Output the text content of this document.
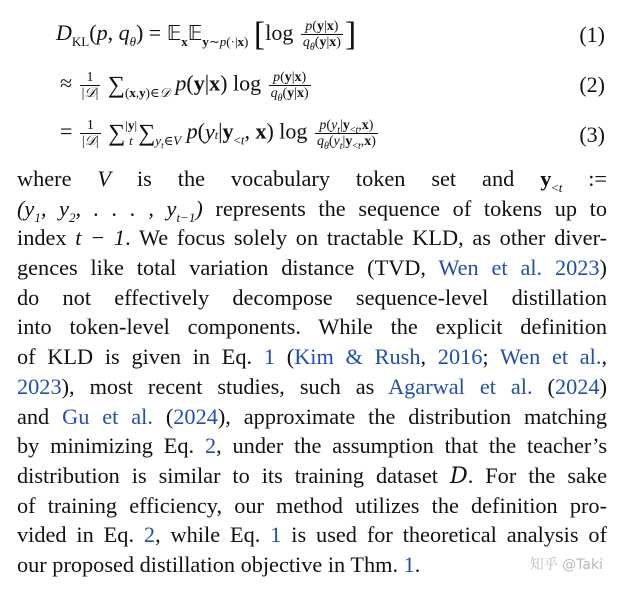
$D_{KL}(p$, $q_\theta$) = 𝔼$_x$𝔼$_{y\sim p(\cdot|x)}$ [$\log \frac{p(y|x)}{q_\theta(y|x)}$ ]	(1)
≈ $\frac{1}{\text{|𝒟|}} \sum_{(x,y)\in 𝒟}$ p(y|x) $\log \frac{p(y|x)}{q_\theta(y|x)}$	(2)
= $\frac{1}{\text{|𝒟|}} \sum^{|y|}_t$ $\sum_{y_t\in V}$ $p(yt|y_{<t}$, x) $\log \frac{p(y_t|y_{<t},x)}{q_\theta(y_t|y_{<t},x)}$	(3)
where V is the vocabulary token set and $y_{<t}$ :=
($y_1$, $y_2$, . . . , $y_{t-1}$) represents the sequence of tokens up to
index t − 1. We focus solely on tractable KLD, as other diver-
gences like total variation distance (TVD, Wen et al. 2023)
do not effectively decompose sequence-level distillation
into token-level components. While the explicit definition
of KLD is given in Eq. 1 (Kim & Rush, 2016; Wen et al.,
2023), most recent studies, such as Agarwal et al. (2024)
and Gu et al. (2024), approximate the distribution matching
by minimizing Eq. 2, under the assumption that the teacher’s
distribution is similar to its training dataset D. For the sake
of training efficiency, our method utilizes the definition pro-
vided in Eq. 2, while Eq. 1 is used for theoretical analysis of
our proposed distillation objective in Thm. 1.	知乎 @Taki
